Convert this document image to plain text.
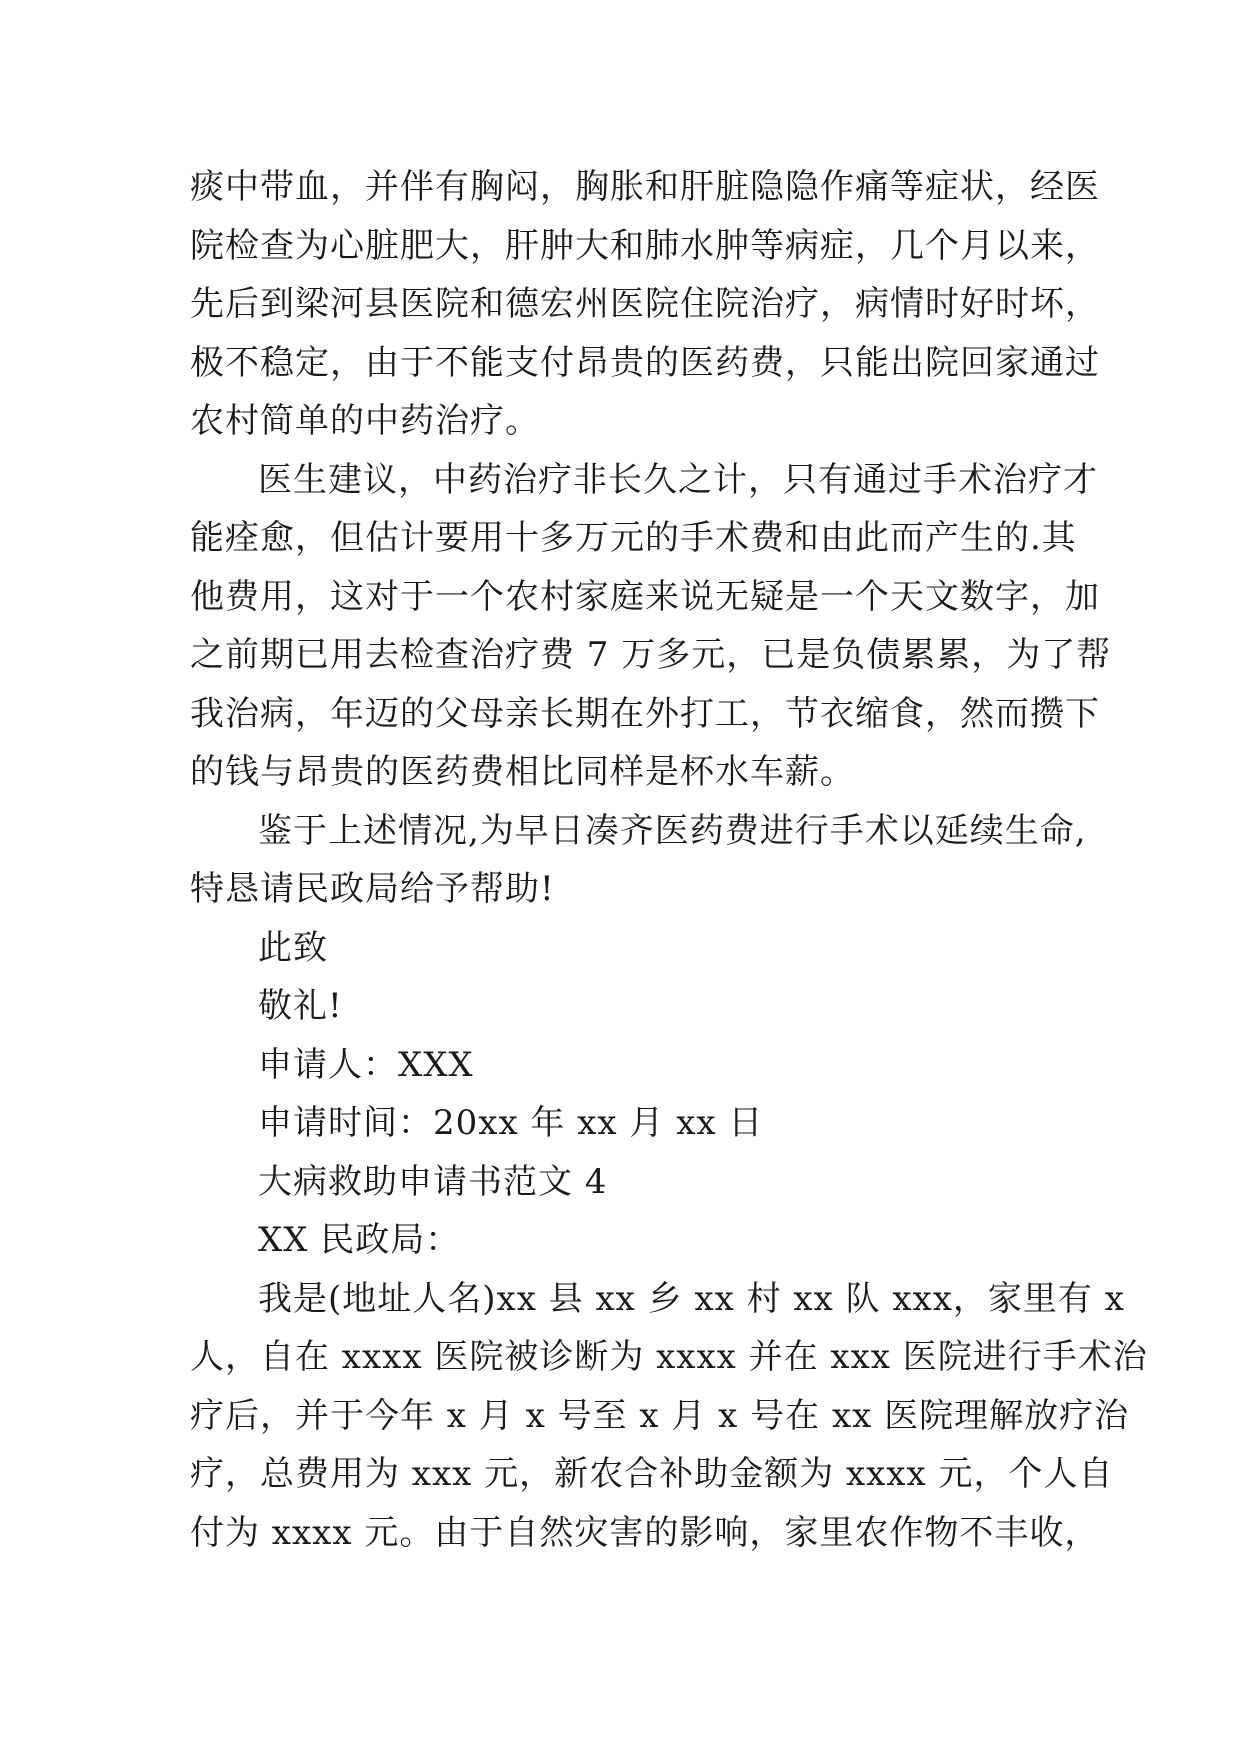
痰中带血，并伴有胸闷，胸胀和肝脏隐隐作痛等症状，经医
院检查为心脏肥大，肝肿大和肺水肿等病症，几个月以来，
先后到梁河县医院和德宏州医院住院治疗，病情时好时坏，
极不稳定，由于不能支付昂贵的医药费，只能出院回家通过
农村简单的中药治疗。
医生建议，中药治疗非长久之计，只有通过手术治疗才
能痊愈，但估计要用十多万元的手术费和由此而产生的.其
他费用，这对于一个农村家庭来说无疑是一个天文数字，加
之前期已用去检查治疗费 7 万多元，已是负债累累，为了帮
我治病，年迈的父母亲长期在外打工，节衣缩食，然而攒下
的钱与昂贵的医药费相比同样是杯水车薪。
鉴于上述情况,为早日凑齐医药费进行手术以延续生命,
特恳请民政局给予帮助!
此致
敬礼!
申请人：XXX
申请时间：20xx 年 xx 月 xx 日
大病救助申请书范文 4
XX 民政局：
我是(地址人名)xx 县 xx 乡 xx 村 xx 队 xxx，家里有 x
人，自在 xxxx 医院被诊断为 xxxx 并在 xxx 医院进行手术治
疗后，并于今年 x 月 x 号至 x 月 x 号在 xx 医院理解放疗治
疗，总费用为 xxx 元，新农合补助金额为 xxxx 元，个人自
付为 xxxx 元。由于自然灾害的影响，家里农作物不丰收，
